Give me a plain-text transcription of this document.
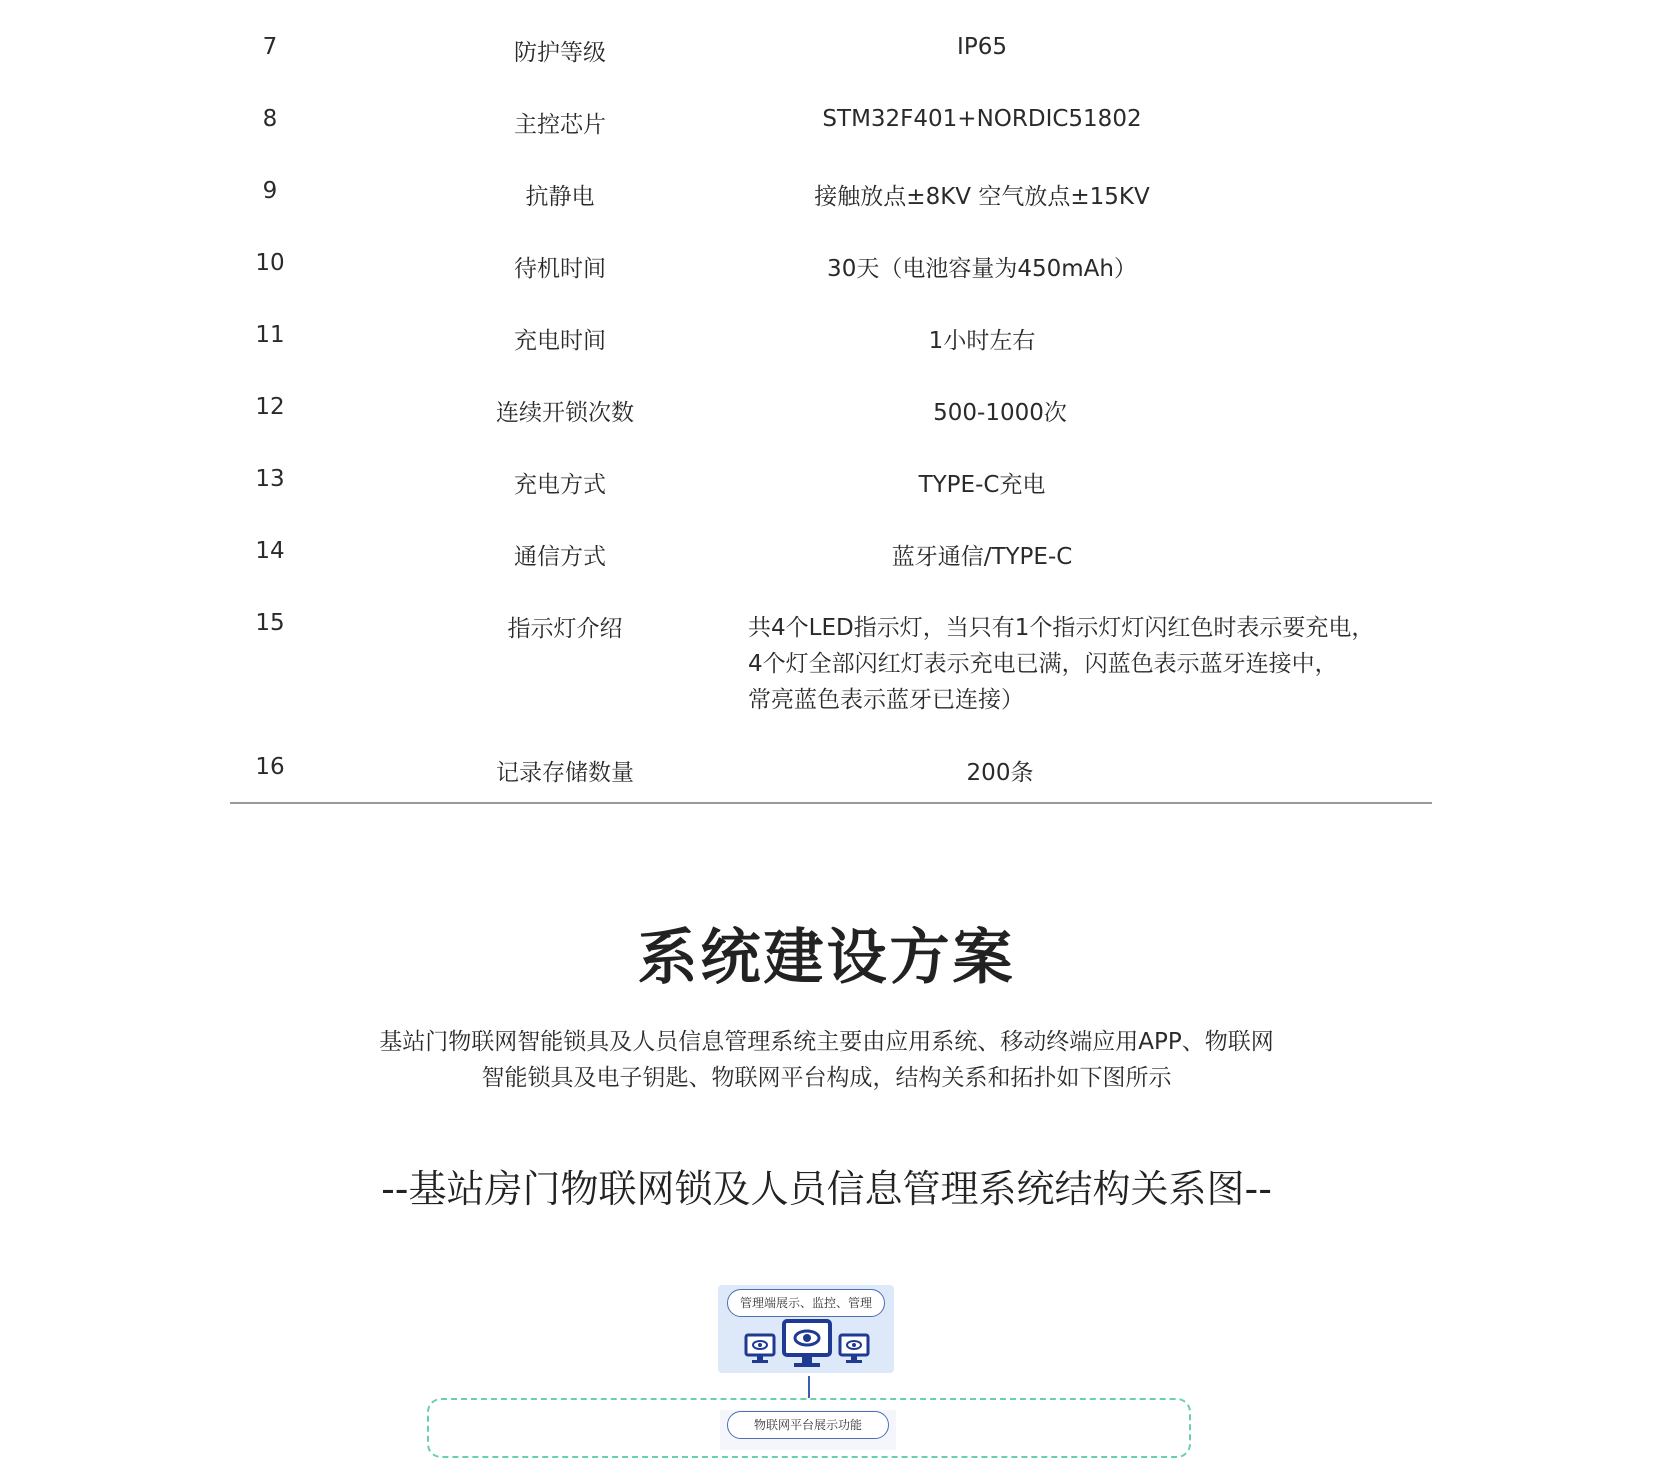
7	防护等级	IP65
8	主控芯片	STM32F401+NORDIC51802
9	抗静电	接触放点±8KV 空气放点±15KV
10	待机时间	30天（电池容量为450mAh）
11	充电时间	1小时左右
12	连续开锁次数	500-1000次
13	充电方式	TYPE-C充电
14	通信方式	蓝牙通信/TYPE-C
15	指示灯介绍	共4个LED指示灯，当只有1个指示灯灯闪红色时表示要充电，
4个灯全部闪红灯表示充电已满，闪蓝色表示蓝牙连接中，
常亮蓝色表示蓝牙已连接）
16	记录存储数量	200条
系统建设方案
基站门物联网智能锁具及人员信息管理系统主要由应用系统、移动终端应用APP、物联网
智能锁具及电子钥匙、物联网平台构成，结构关系和拓扑如下图所示
--基站房门物联网锁及人员信息管理系统结构关系图--
管理端展示、监控、管理
物联网平台展示功能
